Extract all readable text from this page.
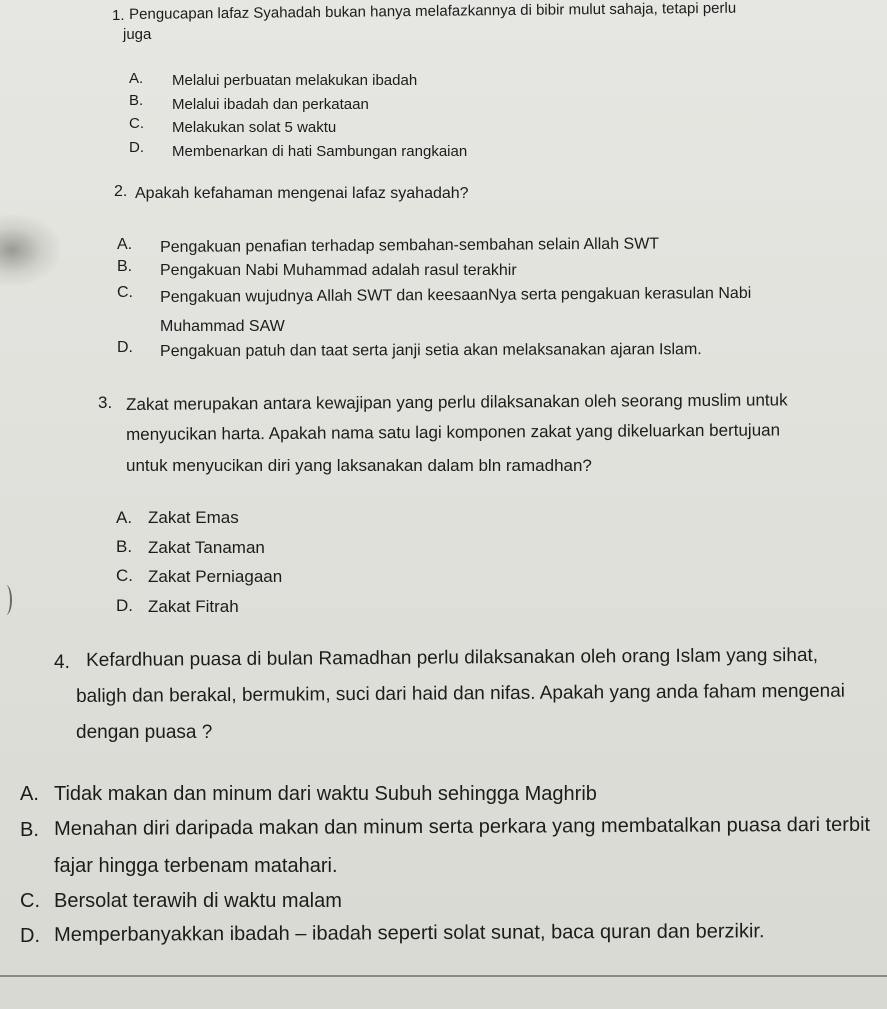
1. Pengucapan lafaz Syahadah bukan hanya melafazkannya di bibir mulut sahaja, tetapi perlu
juga
A. Melalui perbuatan melakukan ibadah
B. Melalui ibadah dan perkataan
C. Melakukan solat 5 waktu
D. Membenarkan di hati Sambungan rangkaian
2. Apakah kefahaman mengenai lafaz syahadah?
A. Pengakuan penafian terhadap sembahan-sembahan selain Allah SWT
B. Pengakuan Nabi Muhammad adalah rasul terakhir
C. Pengakuan wujudnya Allah SWT dan keesaanNya serta pengakuan kerasulan Nabi
Muhammad SAW
D. Pengakuan patuh dan taat serta janji setia akan melaksanakan ajaran Islam.
3. Zakat merupakan antara kewajipan yang perlu dilaksanakan oleh seorang muslim untuk
menyucikan harta. Apakah nama satu lagi komponen zakat yang dikeluarkan bertujuan
untuk menyucikan diri yang laksanakan dalam bln ramadhan?
A. Zakat Emas
B. Zakat Tanaman
C. Zakat Perniagaan
D. Zakat Fitrah
4. Kefardhuan puasa di bulan Ramadhan perlu dilaksanakan oleh orang Islam yang sihat,
baligh dan berakal, bermukim, suci dari haid dan nifas. Apakah yang anda faham mengenai
dengan puasa ?
A. Tidak makan dan minum dari waktu Subuh sehingga Maghrib
B. Menahan diri daripada makan dan minum serta perkara yang membatalkan puasa dari terbit
fajar hingga terbenam matahari.
C. Bersolat terawih di waktu malam
D. Memperbanyakkan ibadah – ibadah seperti solat sunat, baca quran dan berzikir.
